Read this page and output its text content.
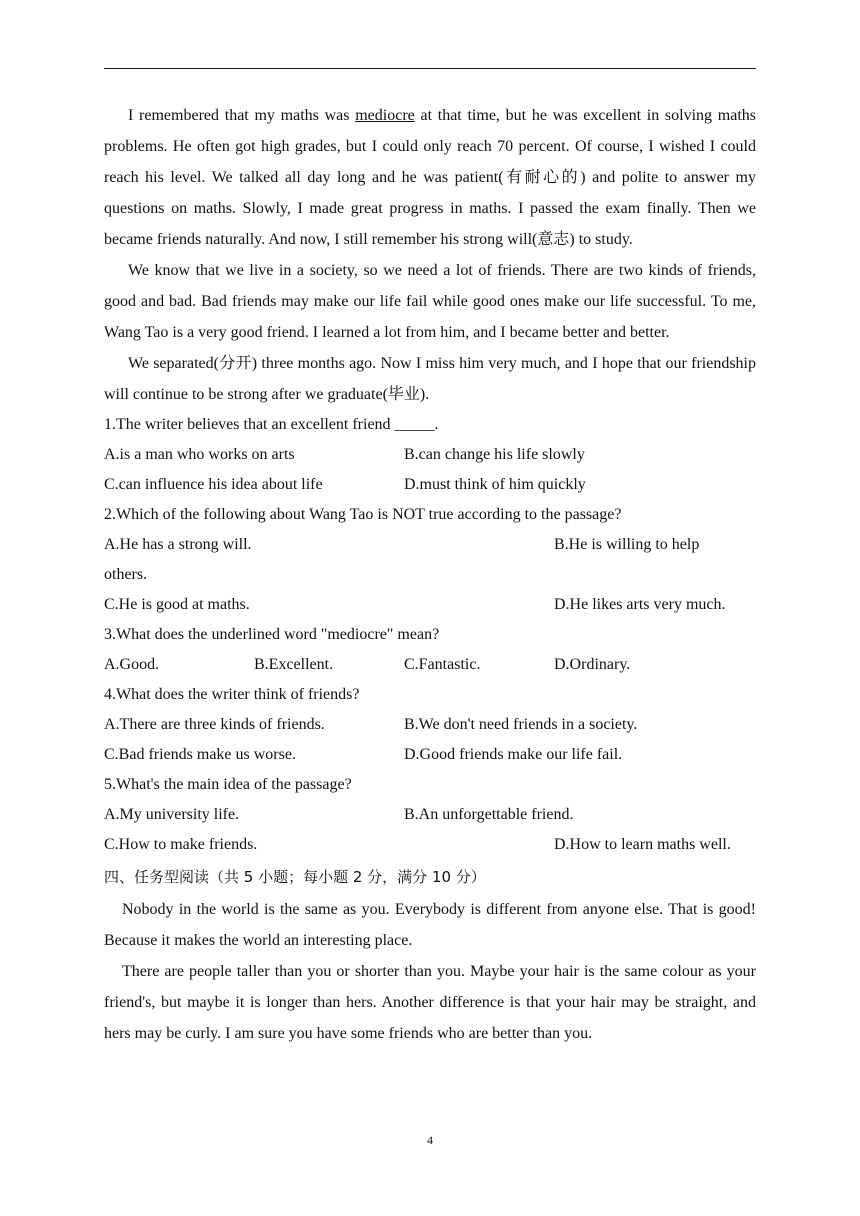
I remembered that my maths was mediocre at that time, but he was excellent in solving maths problems. He often got high grades, but I could only reach 70 percent. Of course, I wished I could reach his level. We talked all day long and he was patient(有耐心的) and polite to answer my questions on maths. Slowly, I made great progress in maths. I passed the exam finally. Then we became friends naturally. And now, I still remember his strong will(意志) to study.

We know that we live in a society, so we need a lot of friends. There are two kinds of friends, good and bad. Bad friends may make our life fail while good ones make our life successful. To me, Wang Tao is a very good friend. I learned a lot from him, and I became better and better.

We separated(分开) three months ago. Now I miss him very much, and I hope that our friendship will continue to be strong after we graduate(毕业).

1.The writer believes that an excellent friend _____.
A.is a man who works on arts	B.can change his life slowly
C.can influence his idea about life	D.must think of him quickly
2.Which of the following about Wang Tao is NOT true according to the passage?
A.He has a strong will.	B.He is willing to help
others.
C.He is good at maths.	D.He likes arts very much.
3.What does the underlined word "mediocre" mean?
A.Good.	B.Excellent.	C.Fantastic.	D.Ordinary.
4.What does the writer think of friends?
A.There are three kinds of friends.	B.We don't need friends in a society.
C.Bad friends make us worse.	D.Good friends make our life fail.
5.What's the main idea of the passage?
A.My university life.	B.An unforgettable friend.
C.How to make friends.	D.How to learn maths well.
四、任务型阅读（共 5 小题；每小题 2 分，满分 10 分）

Nobody in the world is the same as you. Everybody is different from anyone else. That is good! Because it makes the world an interesting place.

There are people taller than you or shorter than you. Maybe your hair is the same colour as your friend's, but maybe it is longer than hers. Another difference is that your hair may be straight, and hers may be curly. I am sure you have some friends who are better than you.

4
